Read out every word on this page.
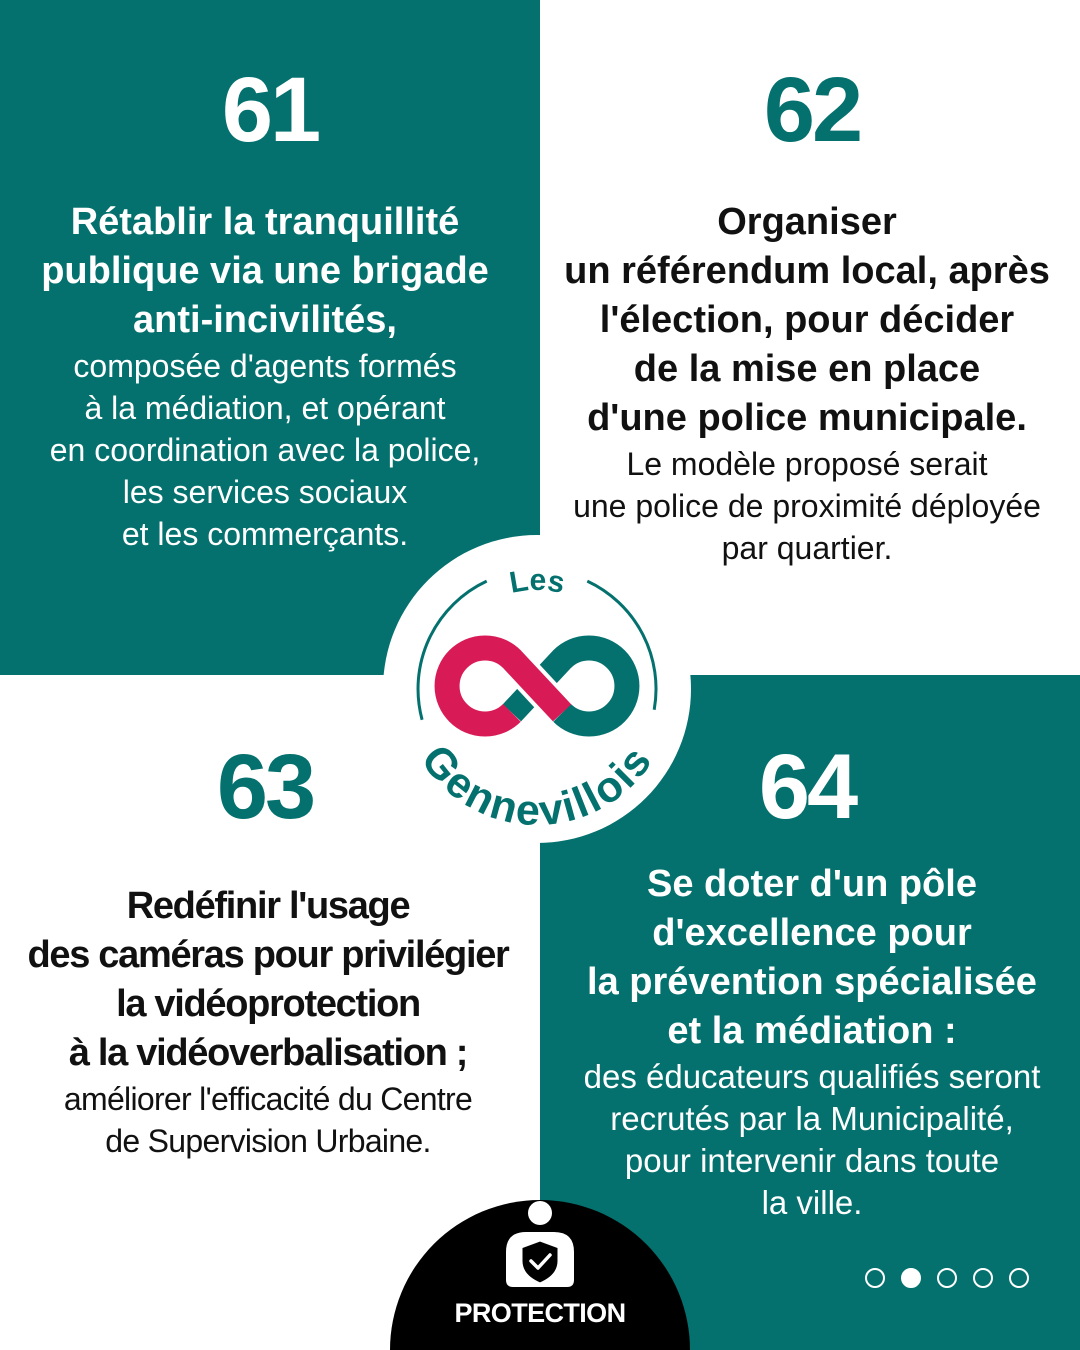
61
Rétablir la tranquillité
publique via une brigade
anti-incivilités,
composée d'agents formés
à la médiation, et opérant
en coordination avec la police,
les services sociaux
et les commerçants.
62
Organiser
un référendum local, après
l'élection, pour décider
de la mise en place
d'une police municipale.
Le modèle proposé serait
une police de proximité déployée
par quartier.
63
Redéfinir l'usage
des caméras pour privilégier
la vidéoprotection
à la vidéoverbalisation ;
améliorer l'efficacité du Centre
de Supervision Urbaine.
64
Se doter d'un pôle
d'excellence pour
la prévention spécialisée
et la médiation :
des éducateurs qualifiés seront
recrutés par la Municipalité,
pour intervenir dans toute
la ville.
Les
Gennevillois
PROTECTION
